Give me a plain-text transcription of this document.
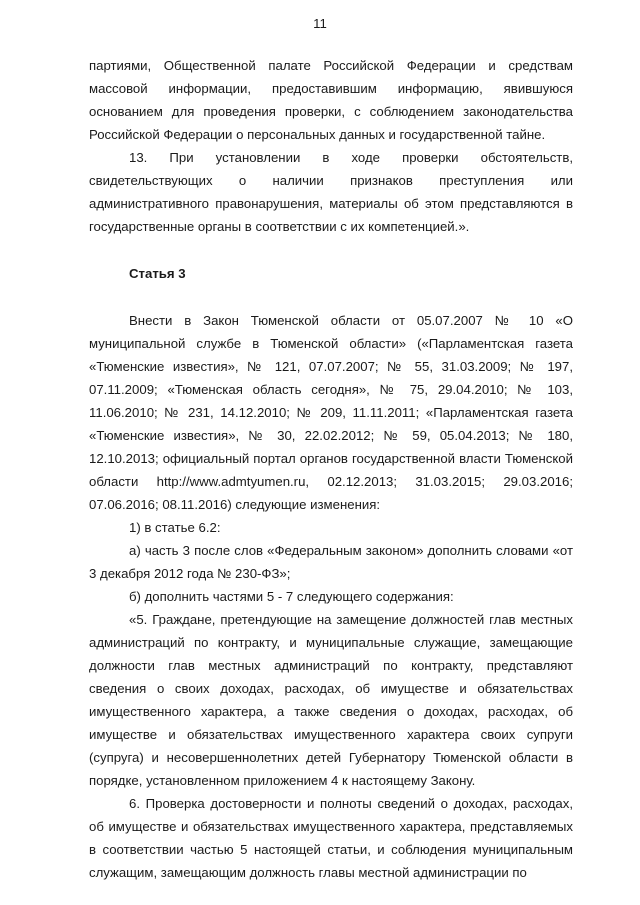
11

партиями, Общественной палате Российской Федерации и средствам массовой информации, предоставившим информацию, явившуюся основанием для проведения проверки, с соблюдением законодательства Российской Федерации о персональных данных и государственной тайне.

13. При установлении в ходе проверки обстоятельств, свидетельствующих о наличии признаков преступления или административного правонарушения, материалы об этом представляются в государственные органы в соответствии с их компетенцией.».

Статья 3

Внести в Закон Тюменской области от 05.07.2007 № 10 «О муниципальной службе в Тюменской области» («Парламентская газета «Тюменские известия», № 121, 07.07.2007; № 55, 31.03.2009; № 197, 07.11.2009; «Тюменская область сегодня», № 75, 29.04.2010; № 103, 11.06.2010; № 231, 14.12.2010; № 209, 11.11.2011; «Парламентская газета «Тюменские известия», № 30, 22.02.2012; № 59, 05.04.2013; № 180, 12.10.2013; официальный портал органов государственной власти Тюменской области http://www.admtyumen.ru, 02.12.2013; 31.03.2015; 29.03.2016; 07.06.2016; 08.11.2016) следующие изменения:

1) в статье 6.2:

а) часть 3 после слов «Федеральным законом» дополнить словами «от 3 декабря 2012 года № 230-ФЗ»;

б) дополнить частями 5 - 7 следующего содержания:

«5. Граждане, претендующие на замещение должностей глав местных администраций по контракту, и муниципальные служащие, замещающие должности глав местных администраций по контракту, представляют сведения о своих доходах, расходах, об имуществе и обязательствах имущественного характера, а также сведения о доходах, расходах, об имуществе и обязательствах имущественного характера своих супруги (супруга) и несовершеннолетних детей Губернатору Тюменской области в порядке, установленном приложением 4 к настоящему Закону.

6. Проверка достоверности и полноты сведений о доходах, расходах, об имуществе и обязательствах имущественного характера, представляемых в соответствии частью 5 настоящей статьи, и соблюдения муниципальным служащим, замещающим должность главы местной администрации по
